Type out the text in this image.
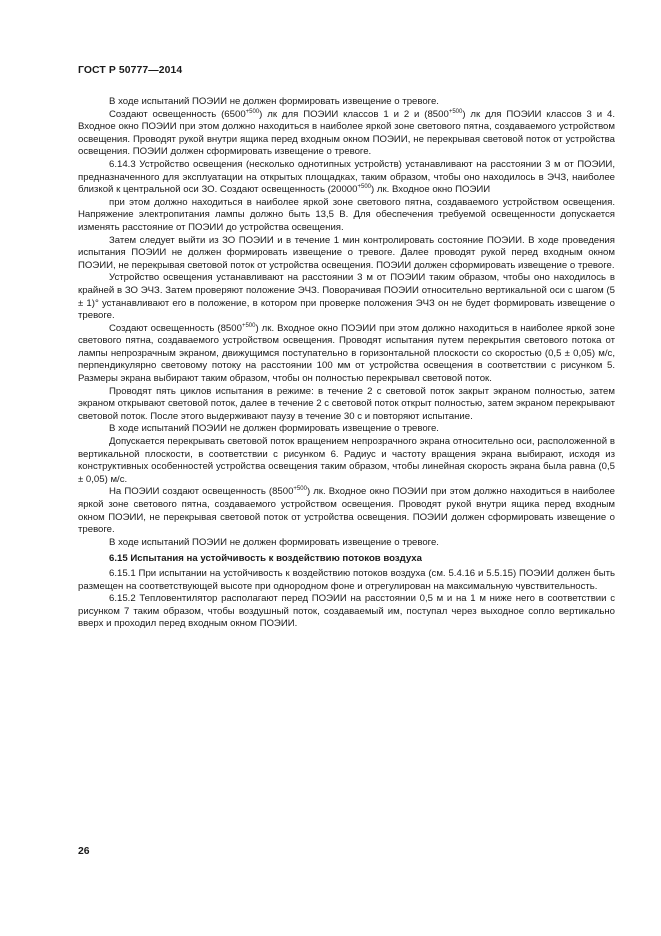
ГОСТ Р 50777—2014

В ходе испытаний ПОЭИИ не должен формировать извещение о тревоге.

Создают освещенность $(6500^{+500})$ лк для ПОЭИИ классов 1 и 2 и $(8500^{+500})$ лк для ПОЭИИ классов 3 и 4. Входное окно ПОЭИИ при этом должно находиться в наиболее яркой зоне светового пятна, создаваемого устройством освещения. Проводят рукой внутри ящика перед входным окном ПОЭИИ, не перекрывая световой поток от устройства освещения. ПОЭИИ должен сформировать извещение о тревоге.

6.14.3 Устройство освещения (несколько однотипных устройств) устанавливают на расстоянии 3 м от ПОЭИИ, предназначенного для эксплуатации на открытых площадках, таким образом, чтобы оно находилось в ЭЧЗ, наиболее близкой к центральной оси ЗО. Создают освещенность $(20000^{+500})$ лк. Входное окно ПОЭИИ

при этом должно находиться в наиболее яркой зоне светового пятна, создаваемого устройством освещения. Напряжение электропитания лампы должно быть 13,5 В. Для обеспечения требуемой освещенности допускается изменять расстояние от ПОЭИИ до устройства освещения.

Затем следует выйти из ЗО ПОЭИИ и в течение 1 мин контролировать состояние ПОЭИИ. В ходе проведения испытания ПОЭИИ не должен формировать извещение о тревоге. Далее проводят рукой перед входным окном ПОЭИИ, не перекрывая световой поток от устройства освещения. ПОЭИИ должен сформировать извещение о тревоге.

Устройство освещения устанавливают на расстоянии 3 м от ПОЭИИ таким образом, чтобы оно находилось в крайней в ЗО ЭЧЗ. Затем проверяют положение ЭЧЗ. Поворачивая ПОЭИИ относительно вертикальной оси с шагом (5 ± 1)° устанавливают его в положение, в котором при проверке положения ЭЧЗ он не будет формировать извещение о тревоге.

Создают освещенность $(8500^{+500})$ лк. Входное окно ПОЭИИ при этом должно находиться в наиболее яркой зоне светового пятна, создаваемого устройством освещения. Проводят испытания путем перекрытия светового потока от лампы непрозрачным экраном, движущимся поступательно в горизонтальной плоскости со скоростью (0,5 ± 0,05) м/с, перпендикулярно световому потоку на расстоянии 100 мм от устройства освещения в соответствии с рисунком 5. Размеры экрана выбирают таким образом, чтобы он полностью перекрывал световой поток.

Проводят пять циклов испытания в режиме: в течение 2 с световой поток закрыт экраном полностью, затем экраном открывают световой поток, далее в течение 2 с световой поток открыт полностью, затем экраном перекрывают световой поток. После этого выдерживают паузу в течение 30 с и повторяют испытание.

В ходе испытаний ПОЭИИ не должен формировать извещение о тревоге.

Допускается перекрывать световой поток вращением непрозрачного экрана относительно оси, расположенной в вертикальной плоскости, в соответствии с рисунком 6. Радиус и частоту вращения экрана выбирают, исходя из конструктивных особенностей устройства освещения таким образом, чтобы линейная скорость экрана была равна (0,5 ± 0,05) м/с.

На ПОЭИИ создают освещенность $(8500^{+500})$ лк. Входное окно ПОЭИИ при этом должно находиться в наиболее яркой зоне светового пятна, создаваемого устройством освещения. Проводят рукой внутри ящика перед входным окном ПОЭИИ, не перекрывая световой поток от устройства освещения. ПОЭИИ должен сформировать извещение о тревоге.

В ходе испытаний ПОЭИИ не должен формировать извещение о тревоге.

6.15 Испытания на устойчивость к воздействию потоков воздуха

6.15.1 При испытании на устойчивость к воздействию потоков воздуха (см. 5.4.16 и 5.5.15) ПОЭИИ должен быть размещен на соответствующей высоте при однородном фоне и отрегулирован на максимальную чувствительность.

6.15.2 Тепловентилятор располагают перед ПОЭИИ на расстоянии 0,5 м и на 1 м ниже него в соответствии с рисунком 7 таким образом, чтобы воздушный поток, создаваемый им, поступал через выходное сопло вертикально вверх и проходил перед входным окном ПОЭИИ.

26
